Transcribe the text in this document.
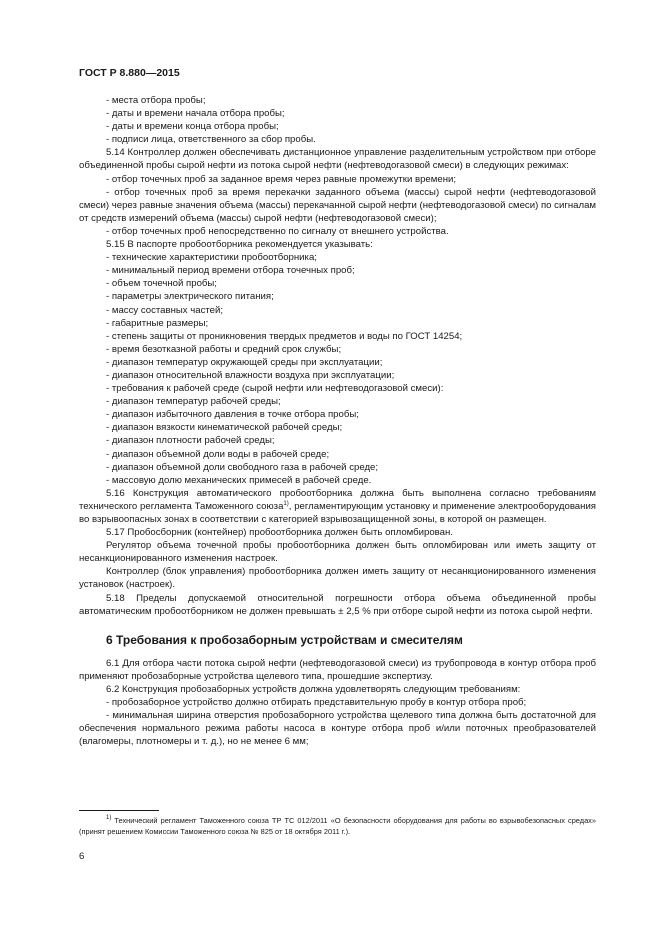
ГОСТ Р 8.880—2015

- места отбора пробы;

- даты и времени начала отбора пробы;

- даты и времени конца отбора пробы;

- подписи лица, ответственного за сбор пробы.

5.14 Контроллер должен обеспечивать дистанционное управление разделительным устройством при отборе объединенной пробы сырой нефти из потока сырой нефти (нефтеводогазовой смеси) в следующих режимах:

- отбор точечных проб за заданное время через равные промежутки времени;

- отбор точечных проб за время перекачки заданного объема (массы) сырой нефти (нефтеводогазовой смеси) через равные значения объема (массы) перекачанной сырой нефти (нефтеводогазовой смеси) по сигналам от средств измерений объема (массы) сырой нефти (нефтеводогазовой смеси);

- отбор точечных проб непосредственно по сигналу от внешнего устройства.

5.15 В паспорте пробоотборника рекомендуется указывать:

- технические характеристики пробоотборника;

- минимальный период времени отбора точечных проб;

- объем точечной пробы;

- параметры электрического питания;

- массу составных частей;

- габаритные размеры;

- степень защиты от проникновения твердых предметов и воды по ГОСТ 14254;

- время безотказной работы и средний срок службы;

- диапазон температур окружающей среды при эксплуатации;

- диапазон относительной влажности воздуха при эксплуатации;

- требования к рабочей среде (сырой нефти или нефтеводогазовой смеси):

- диапазон температур рабочей среды;

- диапазон избыточного давления в точке отбора пробы;

- диапазон вязкости кинематической рабочей среды;

- диапазон плотности рабочей среды;

- диапазон объемной доли воды в рабочей среде;

- диапазон объемной доли свободного газа в рабочей среде;

- массовую долю механических примесей в рабочей среде.

5.16 Конструкция автоматического пробоотборника должна быть выполнена согласно требованиям технического регламента Таможенного союза$^{1)}$, регламентирующим установку и применение электрооборудования во взрывоопасных зонах в соответствии с категорией взрывозащищенной зоны, в которой он размещен.

5.17 Пробосборник (контейнер) пробоотборника должен быть опломбирован.

Регулятор объема точечной пробы пробоотборника должен быть опломбирован или иметь защиту от несанкционированного изменения настроек.

Контроллер (блок управления) пробоотборника должен иметь защиту от несанкционированного изменения установок (настроек).

5.18 Пределы допускаемой относительной погрешности отбора объема объединенной пробы автоматическим пробоотборником не должен превышать ± 2,5 % при отборе сырой нефти из потока сырой нефти.

6 Требования к пробозаборным устройствам и смесителям

6.1 Для отбора части потока сырой нефти (нефтеводогазовой смеси) из трубопровода в контур отбора проб применяют пробозаборные устройства щелевого типа, прошедшие экспертизу.

6.2 Конструкция пробозаборных устройств должна удовлетворять следующим требованиям:

- пробозаборное устройство должно отбирать представительную пробу в контур отбора проб;

- минимальная ширина отверстия пробозаборного устройства щелевого типа должна быть достаточной для обеспечения нормального режима работы насоса в контуре отбора проб и/или поточных преобразователей (влагомеры, плотномеры и т. д.), но не менее 6 мм;

$^{1)}$ Технический регламент Таможенного союза ТР ТС 012/2011 «О безопасности оборудования для работы во взрывобезопасных средах» (принят решением Комиссии Таможенного союза № 825 от 18 октября 2011 г.).

6
